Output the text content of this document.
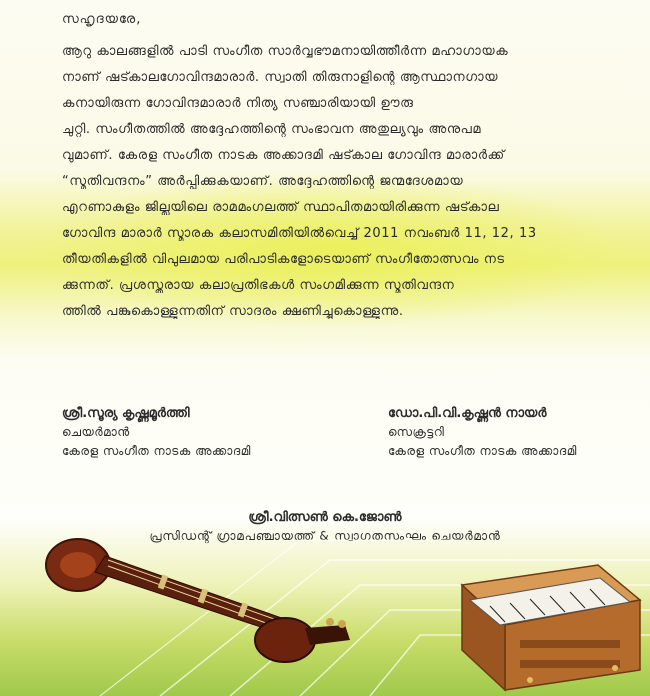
സഹൃദയരേ,
ആറു കാലങ്ങളിൽ പാടി സംഗീത സാർവ്വഭൗമനായിത്തീർന്ന മഹാഗായക
നാണ് ഷട്കാലഗോവിന്ദമാരാർ. സ്വാതി തിരുനാളിന്റെ ആസ്ഥാനഗായ
കനായിരുന്ന ഗോവിന്ദമാരാർ നിത്യ സഞ്ചാരിയായി ഊരു
ചുറ്റി. സംഗീതത്തിൽ അദ്ദേഹത്തിന്റെ സംഭാവന അതുല്യവും അനുപമ
വുമാണ്. കേരള സംഗീത നാടക അക്കാദമി ഷട്കാല ഗോവിന്ദ മാരാർക്ക്
“സ്മൃതിവന്ദനം” അർപ്പിക്കുകയാണ്. അദ്ദേഹത്തിന്റെ ജന്മദേശമായ
എറണാകുളം ജില്ലയിലെ രാമമംഗലത്ത് സ്ഥാപിതമായിരിക്കുന്ന ഷട്കാല
ഗോവിന്ദ മാരാർ സ്മാരക കലാസമിതിയിൽവെച്ച് 2011 നവംബർ 11, 12, 13
തീയതികളിൽ വിപുലമായ പരിപാടികളോടെയാണ് സംഗീതോത്സവം നട
ക്കുന്നത്. പ്രശസ്തരായ കലാപ്രതിഭകൾ സംഗമിക്കുന്ന സ്മൃതിവന്ദന
ത്തിൽ പങ്കുകൊള്ളുന്നതിന് സാദരം ക്ഷണിച്ചുകൊള്ളുന്നു.
ശ്രീ.സൂര്യ കൃഷ്ണമൂർത്തി
ചെയർമാൻ
കേരള സംഗീത നാടക അക്കാദമി
ഡോ.പി.വി.കൃഷ്ണൻ നായർ
സെക്രട്ടറി
കേരള സംഗീത നാടക അക്കാദമി
ശ്രീ.വിത്സൺ കെ.ജോൺ
പ്രസിഡന്റ് ഗ്രാമപഞ്ചായത്ത് & സ്വാഗതസംഘം ചെയർമാൻ
